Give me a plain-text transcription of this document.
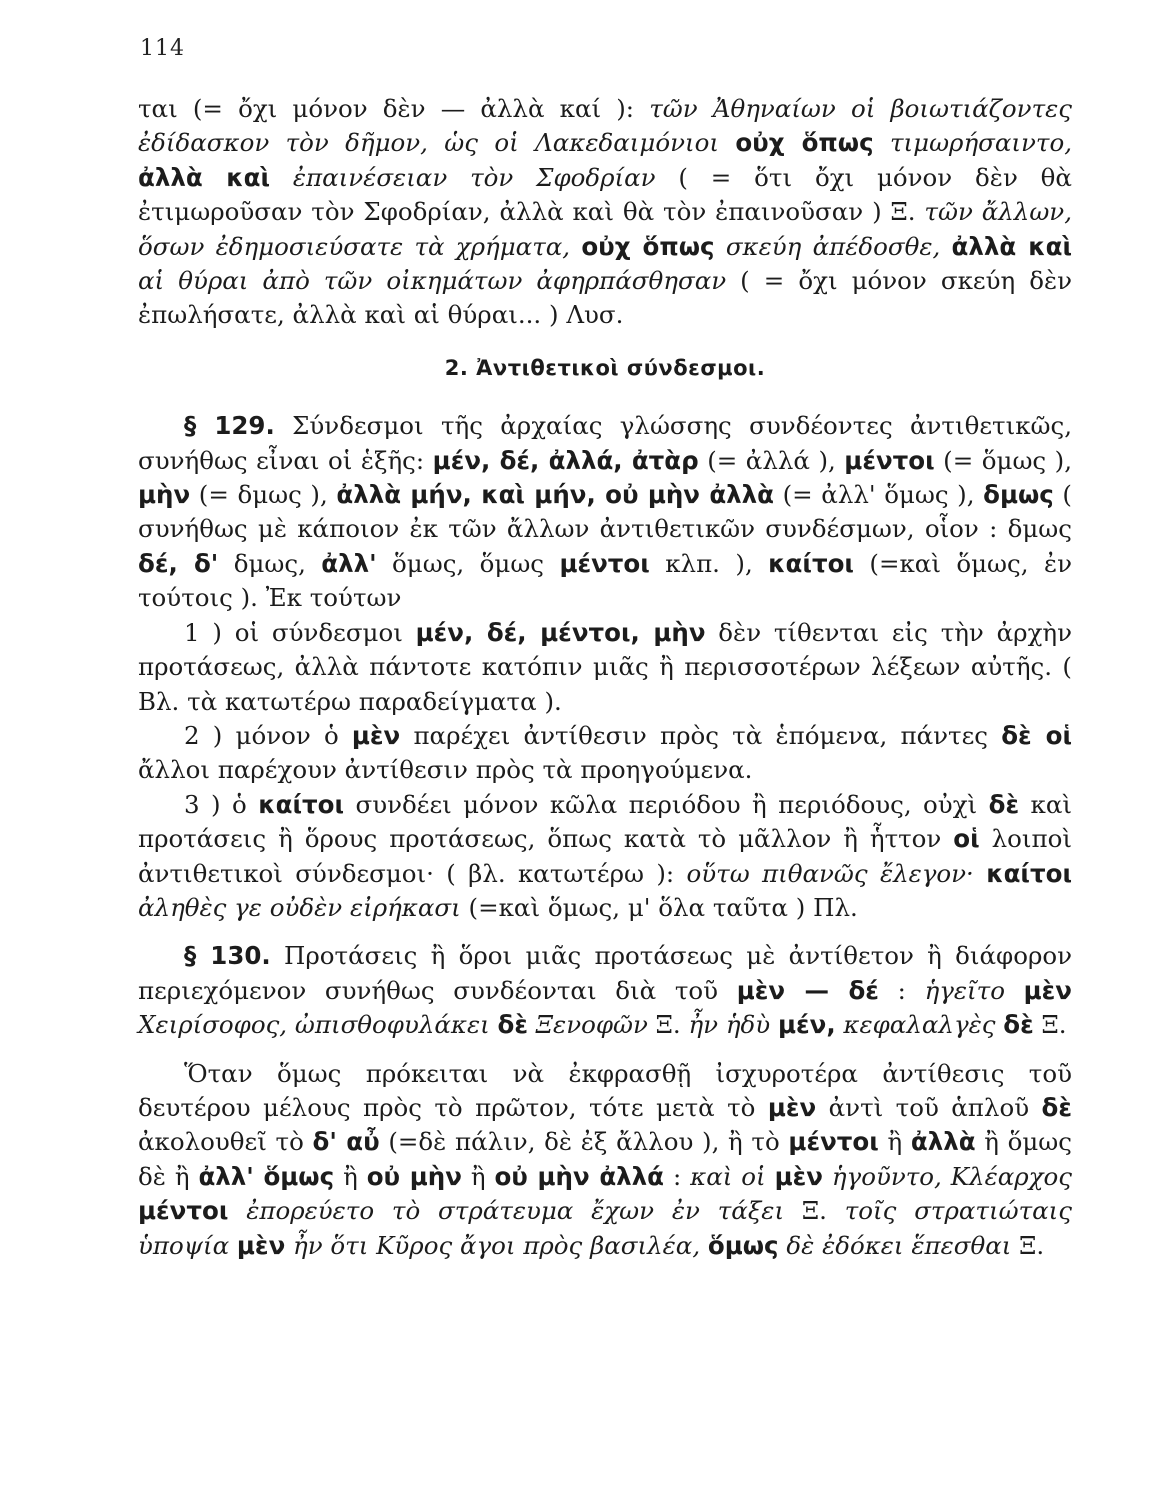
114

ται (= ὄχι μόνον δὲν — ἀλλὰ καί ): τῶν Ἀθηναίων οἱ βοιωτιάζοντες ἐδίδασκον τὸν δῆμον, ὡς οἱ Λακεδαιμόνιοι οὐχ ὅπως τιμωρήσαιντο, ἀλλὰ καὶ ἐπαινέσειαν τὸν Σφοδρίαν ( = ὅτι ὄχι μόνον δὲν θὰ ἐτιμωροῦσαν τὸν Σφοδρίαν, ἀλλὰ καὶ θὰ τὸν ἐπαινοῦσαν ) Ξ. τῶν ἄλλων, ὅσων ἐδημοσιεύσατε τὰ χρήματα, οὐχ ὅπως σκεύη ἀπέδοσθε, ἀλλὰ καὶ αἱ θύραι ἀπὸ τῶν οἰκημάτων ἀφηρπάσθησαν ( = ὄχι μόνον σκεύη δὲν ἐπωλήσατε, ἀλλὰ καὶ αἱ θύραι... ) Λυσ.

2. Ἀντιθετικοὶ σύνδεσμοι.

§ 129. Σύνδεσμοι τῆς ἀρχαίας γλώσσης συνδέοντες ἀντιθετικῶς, συνήθως εἶναι οἱ ἑξῆς: μέν, δέ, ἀλλά, ἀτὰρ (= ἀλλά ), μέντοι (= ὅμως ), μὴν (= δμως ), ἀλλὰ μήν, καὶ μήν, οὐ μὴν ἀλλὰ (= ἀλλ' ὅμως ), δμως ( συνήθως μὲ κάποιον ἐκ τῶν ἄλλων ἀντιθετικῶν συνδέσμων, οἷον : δμως δέ, δ' δμως, ἀλλ' ὅμως, ὅμως μέντοι κλπ. ), καίτοι (=καὶ ὅμως, ἐν τούτοις ). Ἐκ τούτων

1 ) οἱ σύνδεσμοι μέν, δέ, μέντοι, μὴν δὲν τίθενται εἰς τὴν ἀρχὴν προτάσεως, ἀλλὰ πάντοτε κατόπιν μιᾶς ἢ περισσοτέρων λέξεων αὐτῆς. ( Βλ. τὰ κατωτέρω παραδείγματα ).

2 ) μόνον ὁ μὲν παρέχει ἀντίθεσιν πρὸς τὰ ἑπόμενα, πάντες δὲ οἱ ἄλλοι παρέχουν ἀντίθεσιν πρὸς τὰ προηγούμενα.

3 ) ὁ καίτοι συνδέει μόνον κῶλα περιόδου ἢ περιόδους, οὐχὶ δὲ καὶ προτάσεις ἢ ὅρους προτάσεως, ὅπως κατὰ τὸ μᾶλλον ἢ ἧττον οἱ λοιποὶ ἀντιθετικοὶ σύνδεσμοι· ( βλ. κατωτέρω ): οὕτω πιθανῶς ἔλεγον· καίτοι ἀληθὲς γε οὐδὲν εἰρήκασι (=καὶ ὅμως, μ' ὅλα ταῦτα ) Πλ.

§ 130. Προτάσεις ἢ ὅροι μιᾶς προτάσεως μὲ ἀντίθετον ἢ διάφορον περιεχόμενον συνήθως συνδέονται διὰ τοῦ μὲν — δέ : ἡγεῖτο μὲν Χειρίσοφος, ὠπισθοφυλάκει δὲ Ξενοφῶν Ξ. ἦν ἡδὺ μέν, κεφαλαλγὲς δὲ Ξ.

Ὅταν ὅμως πρόκειται νὰ ἐκφρασθῇ ἰσχυροτέρα ἀντίθεσις τοῦ δευτέρου μέλους πρὸς τὸ πρῶτον, τότε μετὰ τὸ μὲν ἀντὶ τοῦ ἁπλοῦ δὲ ἀκολουθεῖ τὸ δ' αὖ (=δὲ πάλιν, δὲ ἐξ ἄλλου ), ἢ τὸ μέντοι ἢ ἀλλὰ ἢ ὅμως δὲ ἢ ἀλλ' ὅμως ἢ οὐ μὴν ἢ οὐ μὴν ἀλλά : καὶ οἱ μὲν ἡγοῦντο, Κλέαρχος μέντοι ἐπορεύετο τὸ στράτευμα ἔχων ἐν τάξει Ξ. τοῖς στρατιώταις ὑποψία μὲν ἦν ὅτι Κῦρος ἄγοι πρὸς βασιλέα, ὅμως δὲ ἐδόκει ἕπεσθαι Ξ.
